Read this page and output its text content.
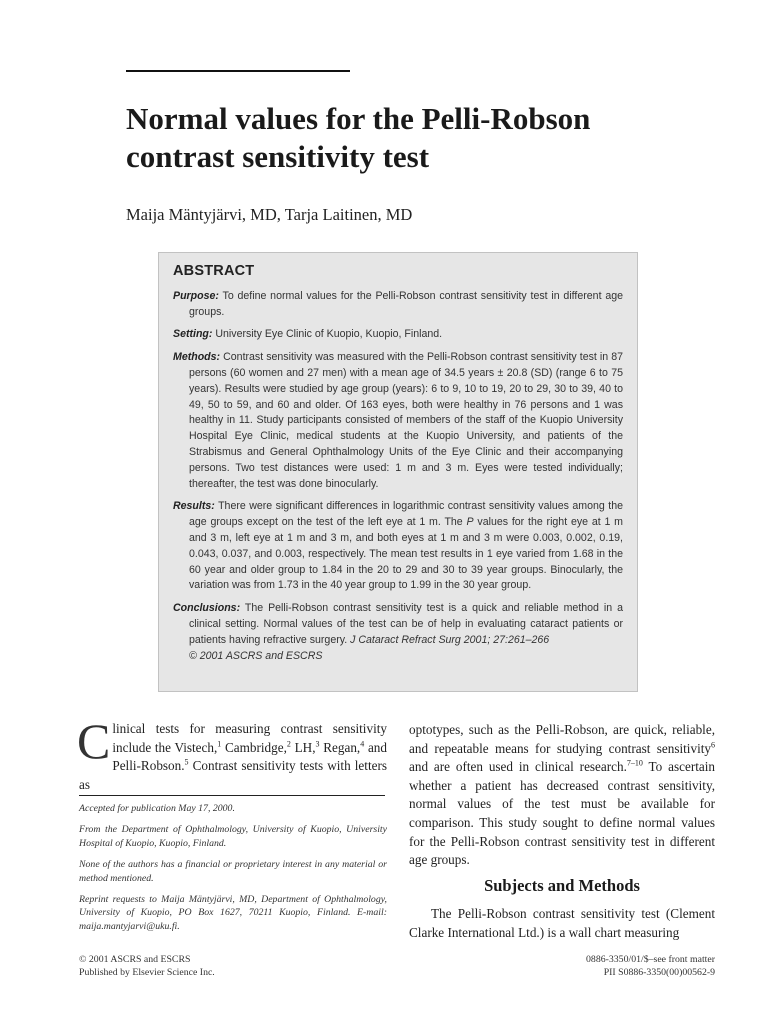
Normal values for the Pelli-Robson
contrast sensitivity test
Maija Mäntyjärvi, MD, Tarja Laitinen, MD
ABSTRACT
Purpose: To define normal values for the Pelli-Robson contrast sensitivity test in different age groups.
Setting: University Eye Clinic of Kuopio, Kuopio, Finland.
Methods: Contrast sensitivity was measured with the Pelli-Robson contrast sensitivity test in 87 persons (60 women and 27 men) with a mean age of 34.5 years ± 20.8 (SD) (range 6 to 75 years). Results were studied by age group (years): 6 to 9, 10 to 19, 20 to 29, 30 to 39, 40 to 49, 50 to 59, and 60 and older. Of 163 eyes, both were healthy in 76 persons and 1 was healthy in 11. Study participants consisted of members of the staff of the Kuopio University Hospital Eye Clinic, medical students at the Kuopio University, and patients of the Strabismus and General Ophthalmology Units of the Eye Clinic and their accompanying persons. Two test distances were used: 1 m and 3 m. Eyes were tested individually; thereafter, the test was done binocularly.
Results: There were significant differences in logarithmic contrast sensitivity values among the age groups except on the test of the left eye at 1 m. The P values for the right eye at 1 m and 3 m, left eye at 1 m and 3 m, and both eyes at 1 m and 3 m were 0.003, 0.002, 0.19, 0.043, 0.037, and 0.003, respectively. The mean test results in 1 eye varied from 1.68 in the 60 year and older group to 1.84 in the 20 to 29 and 30 to 39 year groups. Binocularly, the variation was from 1.73 in the 40 year group to 1.99 in the 30 year group.
Conclusions: The Pelli-Robson contrast sensitivity test is a quick and reliable method in a clinical setting. Normal values of the test can be of help in evaluating cataract patients or patients having refractive surgery. J Cataract Refract Surg 2001; 27:261–266
© 2001 ASCRS and ESCRS
Clinical tests for measuring contrast sensitivity include the Vistech,$^1$ Cambridge,$^2$ LH,$^3$ Regan,$^4$ and Pelli-Robson.$^5$ Contrast sensitivity tests with letters as

Accepted for publication May 17, 2000.

From the Department of Ophthalmology, University of Kuopio, University Hospital of Kuopio, Kuopio, Finland.

None of the authors has a financial or proprietary interest in any material or method mentioned.

Reprint requests to Maija Mäntyjärvi, MD, Department of Ophthalmology, University of Kuopio, PO Box 1627, 70211 Kuopio, Finland. E-mail: maija.mantyjarvi@uku.fi.

optotypes, such as the Pelli-Robson, are quick, reliable, and repeatable means for studying contrast sensitivity$^6$ and are often used in clinical research.$^{7-10}$ To ascertain whether a patient has decreased contrast sensitivity, normal values of the test must be available for comparison. This study sought to define normal values for the Pelli-Robson contrast sensitivity test in different age groups.
Subjects and Methods
The Pelli-Robson contrast sensitivity test (Clement Clarke International Ltd.) is a wall chart measuring
© 2001 ASCRS and ESCRS
Published by Elsevier Science Inc.
0886-3350/01/$–see front matter
PII S0886-3350(00)00562-9
